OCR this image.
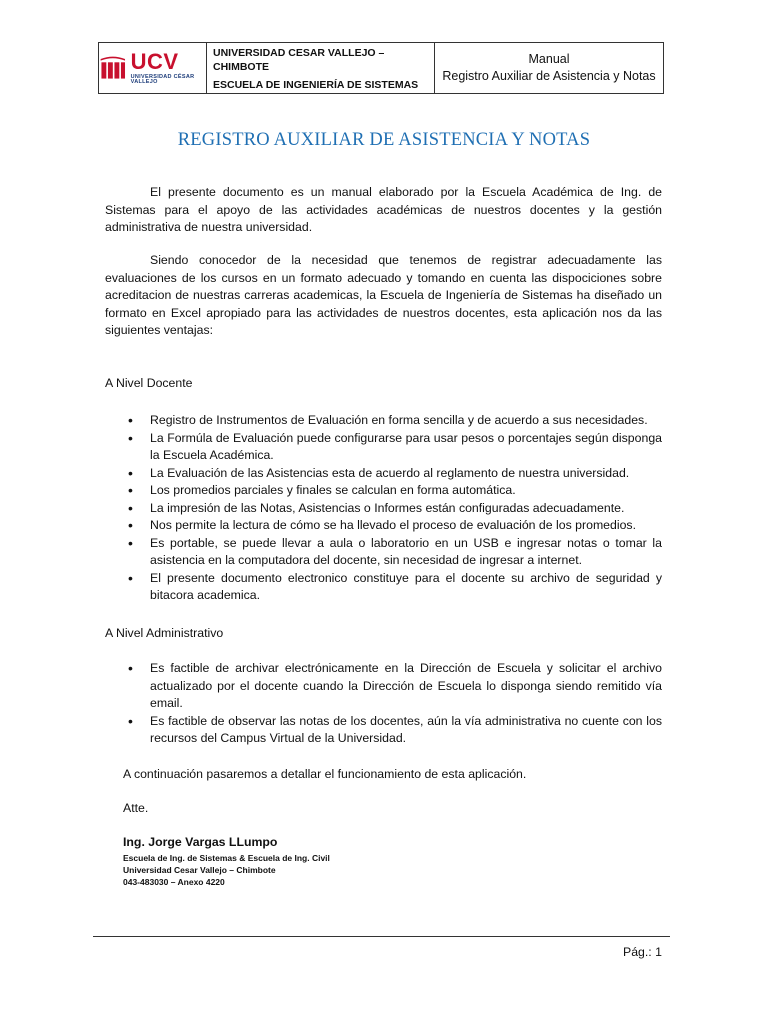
UCV
UNIVERSIDAD CÉSAR VALLEJO
UNIVERSIDAD CESAR VALLEJO – CHIMBOTE
ESCUELA DE INGENIERÍA DE SISTEMAS
Manual
Registro Auxiliar de Asistencia y Notas
REGISTRO AUXILIAR DE ASISTENCIA Y NOTAS
El presente documento es un manual elaborado por la Escuela Académica de Ing. de Sistemas para el apoyo de las actividades académicas de nuestros docentes y la gestión administrativa de nuestra universidad.
Siendo conocedor de la necesidad que tenemos de registrar adecuadamente las evaluaciones de los cursos en un formato adecuado y tomando en cuenta las dispociciones sobre acreditacion de nuestras carreras academicas, la Escuela de Ingeniería de Sistemas ha diseñado un formato en Excel apropiado para las actividades de nuestros docentes, esta aplicación nos da las siguientes ventajas:
A Nivel Docente
• Registro de Instrumentos de Evaluación en forma sencilla y de acuerdo a sus necesidades.
• La Formúla de Evaluación puede configurarse para usar pesos o porcentajes según disponga la Escuela Académica.
• La Evaluación de las Asistencias esta de acuerdo al reglamento de nuestra universidad.
• Los promedios parciales y finales se calculan en forma automática.
• La impresión de las Notas, Asistencias o Informes están configuradas adecuadamente.
• Nos permite la lectura de cómo se ha llevado el proceso de evaluación de los promedios.
• Es portable, se puede llevar a aula o laboratorio en un USB e ingresar notas o tomar la asistencia en la computadora del docente, sin necesidad de ingresar a internet.
• El presente documento electronico constituye para el docente su archivo de seguridad y bitacora academica.
A Nivel Administrativo
• Es factible de archivar electrónicamente en la Dirección de Escuela y solicitar el archivo actualizado por el docente cuando la Dirección de Escuela lo disponga siendo remitido vía email.
• Es factible de observar las notas de los docentes, aún la vía administrativa no cuente con los recursos del Campus Virtual de la Universidad.
A continuación pasaremos a detallar el funcionamiento de esta aplicación.
Atte.
Ing. Jorge Vargas LLumpo
Escuela de Ing. de Sistemas & Escuela de Ing. Civil
Universidad Cesar Vallejo – Chimbote
043-483030 – Anexo 4220
Pág.: 1
